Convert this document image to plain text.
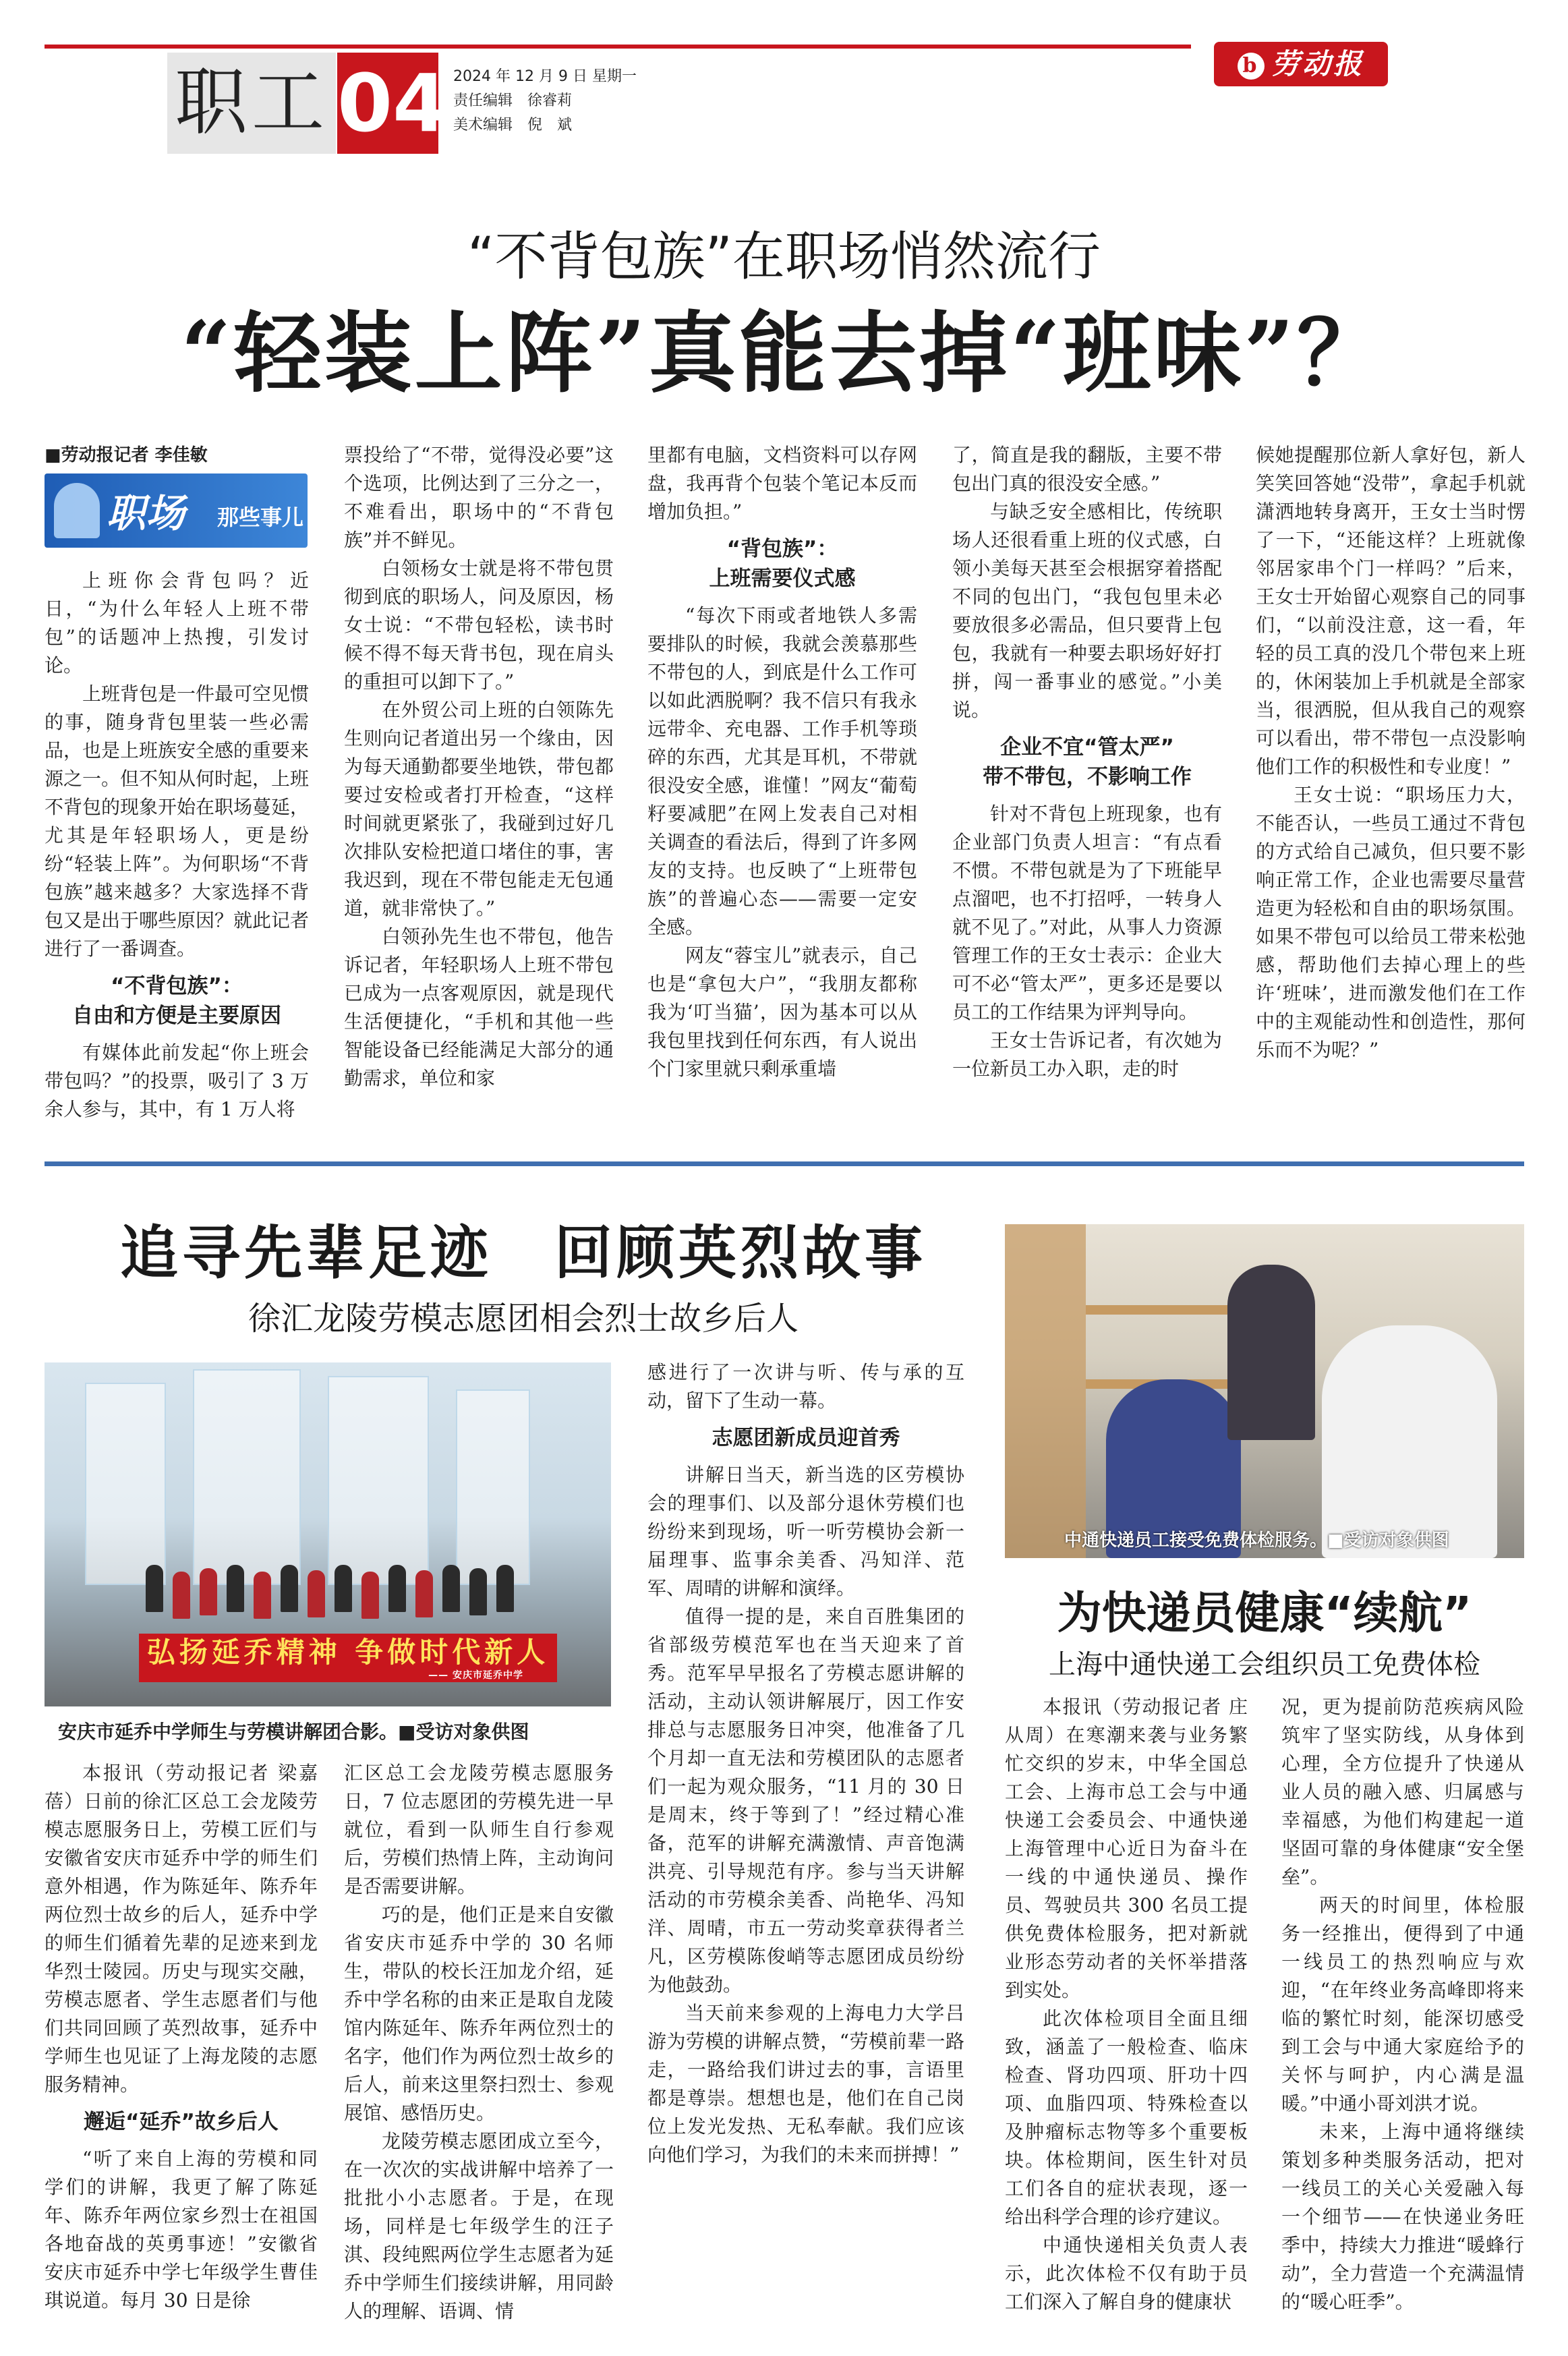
职工 04 2024 年 12 月 9 日 星期一
责任编辑　徐睿莉
美术编辑　倪　斌
b 劳动报
“不背包族”在职场悄然流行
“轻装上阵”真能去掉“班味”？

■劳动报记者 李佳敏

职场 那些事儿

上班你会背包吗？近日，“为什么年轻人上班不带包”的话题冲上热搜，引发讨论。

上班背包是一件最可空见惯的事，随身背包里装一些必需品，也是上班族安全感的重要来源之一。但不知从何时起，上班不背包的现象开始在职场蔓延，尤其是年轻职场人，更是纷纷“轻装上阵”。为何职场“不背包族”越来越多？大家选择不背包又是出于哪些原因？就此记者进行了一番调查。

“不背包族”：
自由和方便是主要原因

有媒体此前发起“你上班会带包吗？”的投票，吸引了 3 万余人参与，其中，有 1 万人将

票投给了“不带，觉得没必要”这个选项，比例达到了三分之一，不难看出，职场中的“不背包族”并不鲜见。

白领杨女士就是将不带包贯彻到底的职场人，问及原因，杨女士说：“不带包轻松，读书时候不得不每天背书包，现在肩头的重担可以卸下了。”

在外贸公司上班的白领陈先生则向记者道出另一个缘由，因为每天通勤都要坐地铁，带包都要过安检或者打开检查，“这样时间就更紧张了，我碰到过好几次排队安检把道口堵住的事，害我迟到，现在不带包能走无包通道，就非常快了。”

白领孙先生也不带包，他告诉记者，年轻职场人上班不带包已成为一点客观原因，就是现代生活便捷化，“手机和其他一些智能设备已经能满足大部分的通勤需求，单位和家

里都有电脑，文档资料可以存网盘，我再背个包装个笔记本反而增加负担。”

“背包族”：
上班需要仪式感

“每次下雨或者地铁人多需要排队的时候，我就会羡慕那些不带包的人，到底是什么工作可以如此洒脱啊？我不信只有我永远带伞、充电器、工作手机等琐碎的东西，尤其是耳机，不带就很没安全感，谁懂！”网友“葡萄籽要减肥”在网上发表自己对相关调查的看法后，得到了许多网友的支持。也反映了“上班带包族”的普遍心态——需要一定安全感。

网友“蓉宝儿”就表示，自己也是“拿包大户”，“我朋友都称我为‘叮当猫’，因为基本可以从我包里找到任何东西，有人说出个门家里就只剩承重墙

了，简直是我的翻版，主要不带包出门真的很没安全感。”

与缺乏安全感相比，传统职场人还很看重上班的仪式感，白领小美每天甚至会根据穿着搭配不同的包出门，“我包包里未必要放很多必需品，但只要背上包包，我就有一种要去职场好好打拼，闯一番事业的感觉。”小美说。

企业不宜“管太严”
带不带包，不影响工作

针对不背包上班现象，也有企业部门负责人坦言：“有点看不惯。不带包就是为了下班能早点溜吧，也不打招呼，一转身人就不见了。”对此，从事人力资源管理工作的王女士表示：企业大可不必“管太严”，更多还是要以员工的工作结果为评判导向。

王女士告诉记者，有次她为一位新员工办入职，走的时

候她提醒那位新人拿好包，新人笑笑回答她“没带”，拿起手机就潇洒地转身离开，王女士当时愣了一下，“还能这样？上班就像邻居家串个门一样吗？”后来，王女士开始留心观察自己的同事们，“以前没注意，这一看，年轻的员工真的没几个带包来上班的，休闲装加上手机就是全部家当，很洒脱，但从我自己的观察可以看出，带不带包一点没影响他们工作的积极性和专业度！”

王女士说：“职场压力大，不能否认，一些员工通过不背包的方式给自己减负，但只要不影响正常工作，企业也需要尽量营造更为轻松和自由的职场氛围。如果不带包可以给员工带来松弛感，帮助他们去掉心理上的些许‘班味’，进而激发他们在工作中的主观能动性和创造性，那何乐而不为呢？”

追寻先辈足迹　回顾英烈故事
徐汇龙陵劳模志愿团相会烈士故乡后人
弘扬延乔精神 争做时代新人
—— 安庆市延乔中学
安庆市延乔中学师生与劳模讲解团合影。■受访对象供图

本报讯（劳动报记者 梁嘉蓓）日前的徐汇区总工会龙陵劳模志愿服务日上，劳模工匠们与安徽省安庆市延乔中学的师生们意外相遇，作为陈延年、陈乔年两位烈士故乡的后人，延乔中学的师生们循着先辈的足迹来到龙华烈士陵园。历史与现实交融，劳模志愿者、学生志愿者们与他们共同回顾了英烈故事，延乔中学师生也见证了上海龙陵的志愿服务精神。

邂逅“延乔”故乡后人

“听了来自上海的劳模和同学们的讲解，我更了解了陈延年、陈乔年两位家乡烈士在祖国各地奋战的英勇事迹！”安徽省安庆市延乔中学七年级学生曹佳琪说道。每月 30 日是徐

汇区总工会龙陵劳模志愿服务日，7 位志愿团的劳模先进一早就位，看到一队师生自行参观后，劳模们热情上阵，主动询问是否需要讲解。

巧的是，他们正是来自安徽省安庆市延乔中学的 30 名师生，带队的校长汪加龙介绍，延乔中学名称的由来正是取自龙陵馆内陈延年、陈乔年两位烈士的名字，他们作为两位烈士故乡的后人，前来这里祭扫烈士、参观展馆、感悟历史。

龙陵劳模志愿团成立至今，在一次次的实战讲解中培养了一批批小小志愿者。于是，在现场，同样是七年级学生的汪子淇、段纯熙两位学生志愿者为延乔中学师生们接续讲解，用同龄人的理解、语调、情

感进行了一次讲与听、传与承的互动，留下了生动一幕。

志愿团新成员迎首秀

讲解日当天，新当选的区劳模协会的理事们、以及部分退休劳模们也纷纷来到现场，听一听劳模协会新一届理事、监事余美香、冯知洋、范军、周晴的讲解和演绎。

值得一提的是，来自百胜集团的省部级劳模范军也在当天迎来了首秀。范军早早报名了劳模志愿讲解的活动，主动认领讲解展厅，因工作安排总与志愿服务日冲突，他准备了几个月却一直无法和劳模团队的志愿者们一起为观众服务，“11 月的 30 日是周末，终于等到了！”经过精心准备，范军的讲解充满激情、声音饱满洪亮、引导规范有序。参与当天讲解活动的市劳模余美香、尚艳华、冯知洋、周晴，市五一劳动奖章获得者兰凡，区劳模陈俊峭等志愿团成员纷纷为他鼓劲。

当天前来参观的上海电力大学吕游为劳模的讲解点赞，“劳模前辈一路走，一路给我们讲过去的事，言语里都是尊崇。想想也是，他们在自己岗位上发光发热、无私奉献。我们应该向他们学习，为我们的未来而拼搏！”

中通快递员工接受免费体检服务。■受访对象供图
为快递员健康“续航”
上海中通快递工会组织员工免费体检

本报讯（劳动报记者 庄从周）在寒潮来袭与业务繁忙交织的岁末，中华全国总工会、上海市总工会与中通快递工会委员会、中通快递上海管理中心近日为奋斗在一线的中通快递员、操作员、驾驶员共 300 名员工提供免费体检服务，把对新就业形态劳动者的关怀举措落到实处。

此次体检项目全面且细致，涵盖了一般检查、临床检查、肾功四项、肝功十四项、血脂四项、特殊检查以及肿瘤标志物等多个重要板块。体检期间，医生针对员工们各自的症状表现，逐一给出科学合理的诊疗建议。

中通快递相关负责人表示，此次体检不仅有助于员工们深入了解自身的健康状

况，更为提前防范疾病风险筑牢了坚实防线，从身体到心理，全方位提升了快递从业人员的融入感、归属感与幸福感，为他们构建起一道坚固可靠的身体健康“安全堡垒”。

两天的时间里，体检服务一经推出，便得到了中通一线员工的热烈响应与欢迎，“在年终业务高峰即将来临的繁忙时刻，能深切感受到工会与中通大家庭给予的关怀与呵护，内心满是温暖。”中通小哥刘洪才说。

未来，上海中通将继续策划多种类服务活动，把对一线员工的关心关爱融入每一个细节——在快递业务旺季中，持续大力推进“暖蜂行动”，全力营造一个充满温情的“暖心旺季”。
